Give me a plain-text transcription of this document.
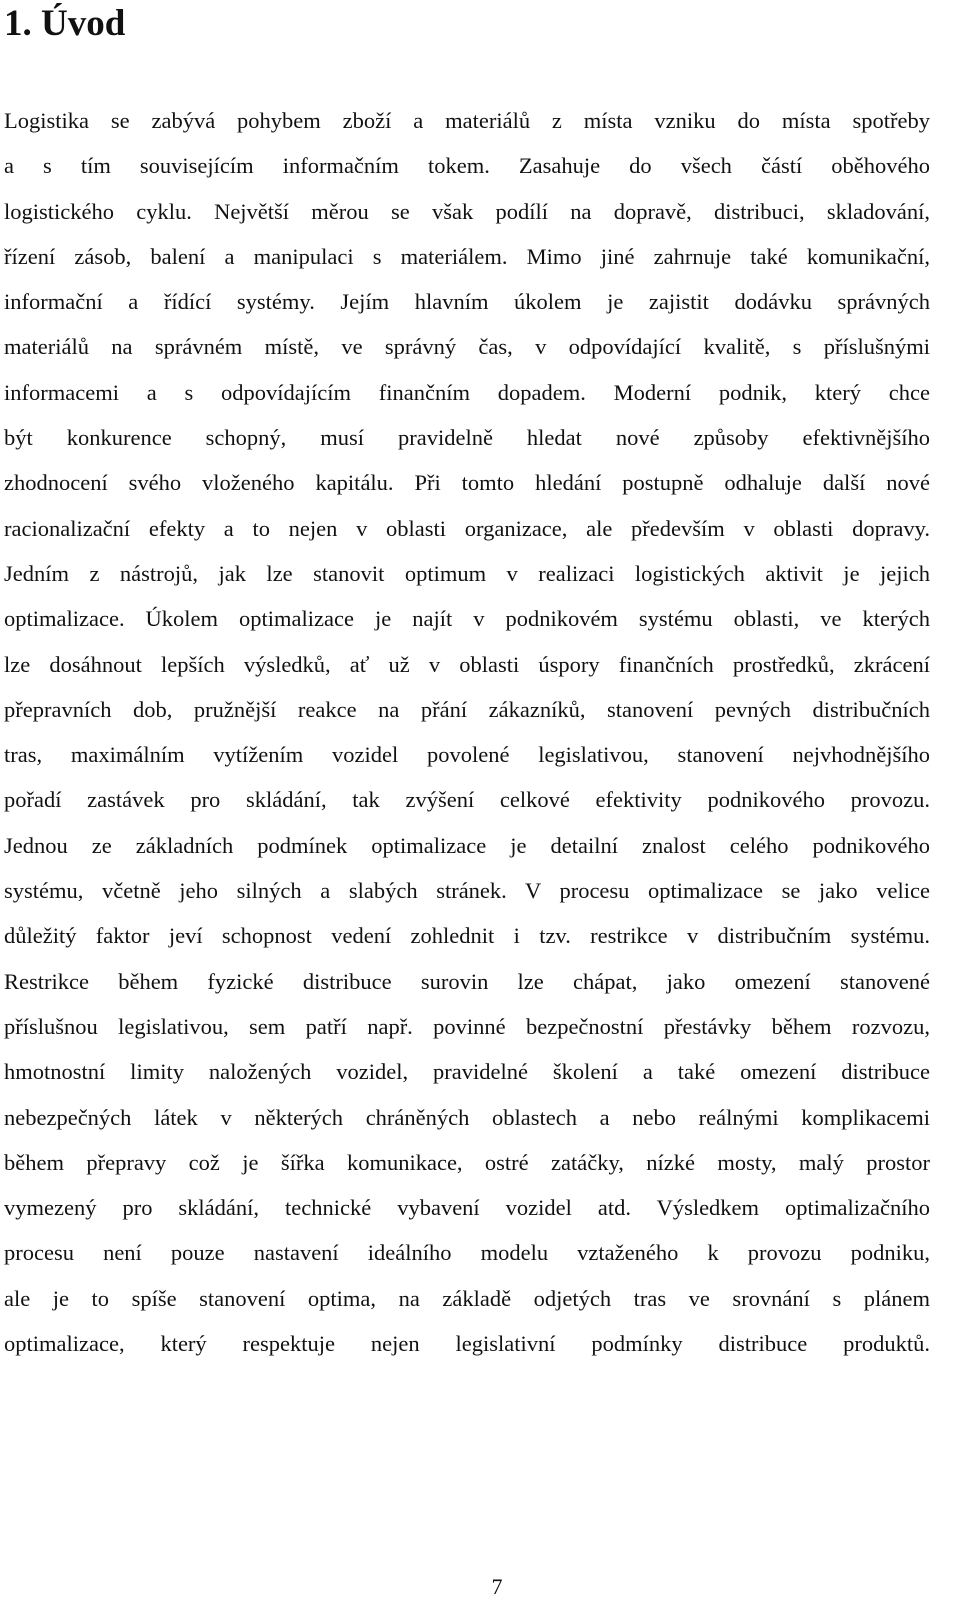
1. Úvod
Logistika se zabývá pohybem zboží a materiálů z místa vzniku do místa spotřeby
a s tím souvisejícím informačním tokem. Zasahuje do všech částí oběhového
logistického cyklu. Největší měrou se však podílí na dopravě, distribuci, skladování,
řízení zásob, balení a manipulaci s materiálem. Mimo jiné zahrnuje také komunikační,
informační a řídící systémy. Jejím hlavním úkolem je zajistit dodávku správných
materiálů na správném místě, ve správný čas, v odpovídající kvalitě, s příslušnými
informacemi a s odpovídajícím finančním dopadem. Moderní podnik, který chce
být konkurence schopný, musí pravidelně hledat nové způsoby efektivnějšího
zhodnocení svého vloženého kapitálu. Při tomto hledání postupně odhaluje další nové
racionalizační efekty a to nejen v oblasti organizace, ale především v oblasti dopravy.
Jedním z nástrojů, jak lze stanovit optimum v realizaci logistických aktivit je jejich
optimalizace. Úkolem optimalizace je najít v podnikovém systému oblasti, ve kterých
lze dosáhnout lepších výsledků, ať už v oblasti úspory finančních prostředků, zkrácení
přepravních dob, pružnější reakce na přání zákazníků, stanovení pevných distribučních
tras, maximálním vytížením vozidel povolené legislativou, stanovení nejvhodnějšího
pořadí zastávek pro skládání, tak zvýšení celkové efektivity podnikového provozu.
Jednou ze základních podmínek optimalizace je detailní znalost celého podnikového
systému, včetně jeho silných a slabých stránek. V procesu optimalizace se jako velice
důležitý faktor jeví schopnost vedení zohlednit i tzv. restrikce v distribučním systému.
Restrikce během fyzické distribuce surovin lze chápat, jako omezení stanovené
příslušnou legislativou, sem patří např. povinné bezpečnostní přestávky během rozvozu,
hmotnostní limity naložených vozidel, pravidelné školení a také omezení distribuce
nebezpečných látek v některých chráněných oblastech a nebo reálnými komplikacemi
během přepravy což je šířka komunikace, ostré zatáčky, nízké mosty, malý prostor
vymezený pro skládání, technické vybavení vozidel atd. Výsledkem optimalizačního
procesu není pouze nastavení ideálního modelu vztaženého k provozu podniku,
ale je to spíše stanovení optima, na základě odjetých tras ve srovnání s plánem
optimalizace, který respektuje nejen legislativní podmínky distribuce produktů.
7
